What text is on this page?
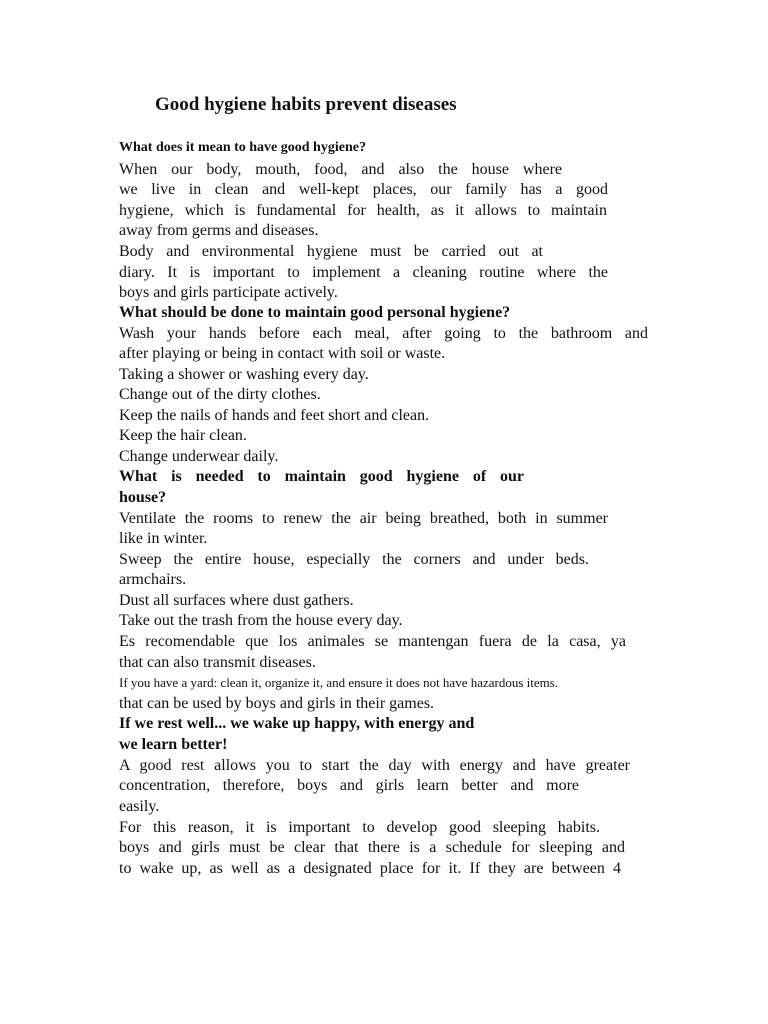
Good hygiene habits prevent diseases
What does it mean to have good hygiene?
When our body, mouth, food, and also the house where
we live in clean and well-kept places, our family has a good
hygiene, which is fundamental for health, as it allows to maintain
away from germs and diseases.
Body and environmental hygiene must be carried out at
diary. It is important to implement a cleaning routine where the
boys and girls participate actively.
What should be done to maintain good personal hygiene?
Wash your hands before each meal, after going to the bathroom and
after playing or being in contact with soil or waste.
Taking a shower or washing every day.
Change out of the dirty clothes.
Keep the nails of hands and feet short and clean.
Keep the hair clean.
Change underwear daily.
What is needed to maintain good hygiene of our
house?
Ventilate the rooms to renew the air being breathed, both in summer
like in winter.
Sweep the entire house, especially the corners and under beds.
armchairs.
Dust all surfaces where dust gathers.
Take out the trash from the house every day.
Es recomendable que los animales se mantengan fuera de la casa, ya
that can also transmit diseases.
If you have a yard: clean it, organize it, and ensure it does not have hazardous items.
that can be used by boys and girls in their games.
If we rest well... we wake up happy, with energy and
we learn better!
A good rest allows you to start the day with energy and have greater
concentration, therefore, boys and girls learn better and more
easily.
For this reason, it is important to develop good sleeping habits.
boys and girls must be clear that there is a schedule for sleeping and
to wake up, as well as a designated place for it. If they are between 4
